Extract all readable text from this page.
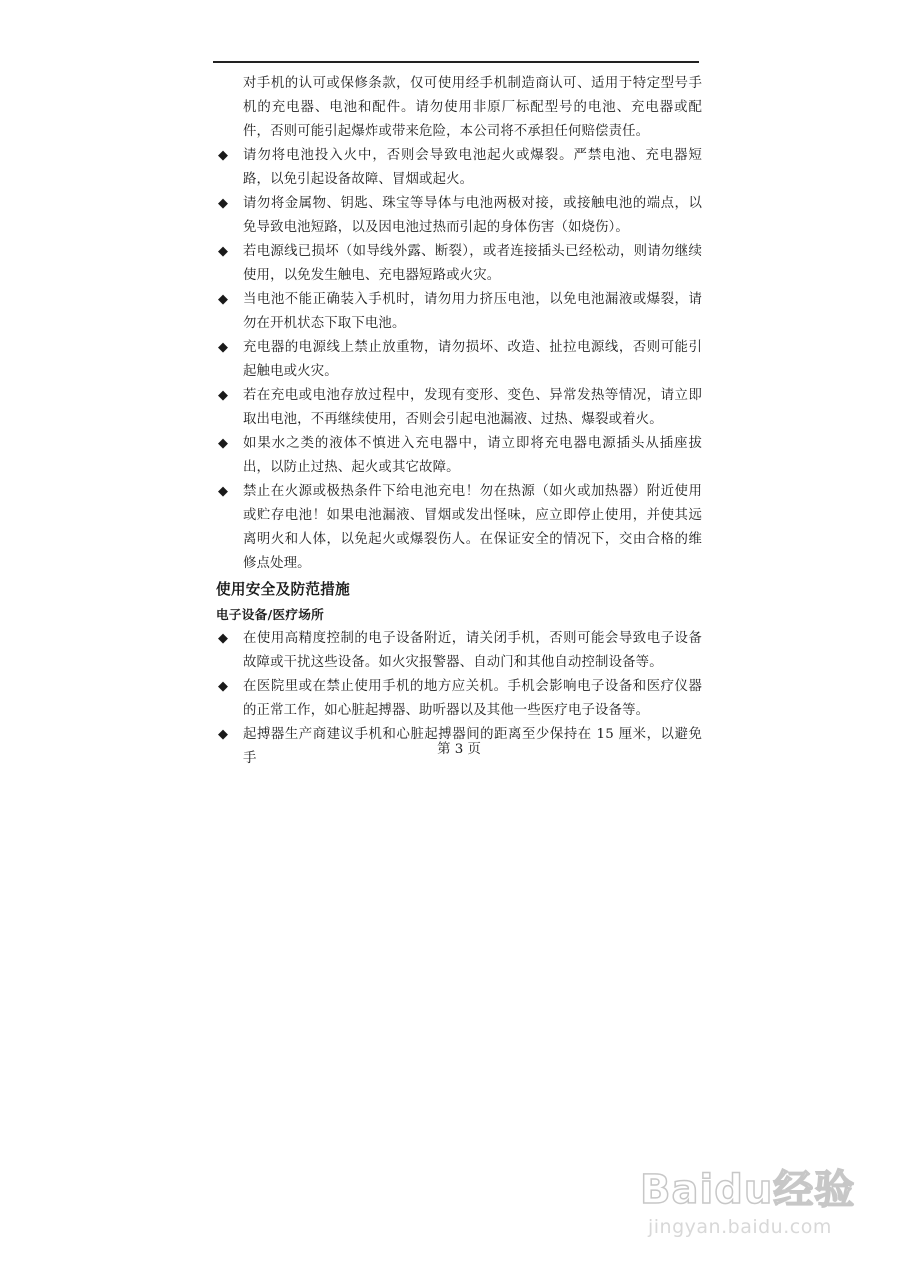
对手机的认可或保修条款，仅可使用经手机制造商认可、适用于特定型号手机的充电器、电池和配件。请勿使用非原厂标配型号的电池、充电器或配件，否则可能引起爆炸或带来危险，本公司将不承担任何赔偿责任。

◆ 请勿将电池投入火中，否则会导致电池起火或爆裂。严禁电池、充电器短路，以免引起设备故障、冒烟或起火。
◆ 请勿将金属物、钥匙、珠宝等导体与电池两极对接，或接触电池的端点，以免导致电池短路，以及因电池过热而引起的身体伤害（如烧伤）。
◆ 若电源线已损坏（如导线外露、断裂），或者连接插头已经松动，则请勿继续使用，以免发生触电、充电器短路或火灾。
◆ 当电池不能正确装入手机时，请勿用力挤压电池，以免电池漏液或爆裂，请勿在开机状态下取下电池。
◆ 充电器的电源线上禁止放重物，请勿损坏、改造、扯拉电源线，否则可能引起触电或火灾。
◆ 若在充电或电池存放过程中，发现有变形、变色、异常发热等情况，请立即取出电池，不再继续使用，否则会引起电池漏液、过热、爆裂或着火。
◆ 如果水之类的液体不慎进入充电器中，请立即将充电器电源插头从插座拔出，以防止过热、起火或其它故障。
◆ 禁止在火源或极热条件下给电池充电！勿在热源（如火或加热器）附近使用或贮存电池！如果电池漏液、冒烟或发出怪味，应立即停止使用，并使其远离明火和人体，以免起火或爆裂伤人。在保证安全的情况下，交由合格的维修点处理。
使用安全及防范措施
电子设备/医疗场所
◆ 在使用高精度控制的电子设备附近，请关闭手机，否则可能会导致电子设备故障或干扰这些设备。如火灾报警器、自动门和其他自动控制设备等。
◆ 在医院里或在禁止使用手机的地方应关机。手机会影响电子设备和医疗仪器的正常工作，如心脏起搏器、助听器以及其他一些医疗电子设备等。
◆ 起搏器生产商建议手机和心脏起搏器间的距离至少保持在 15 厘米，以避免手
第 3 页
Baidu经验
jingyan.baidu.com
